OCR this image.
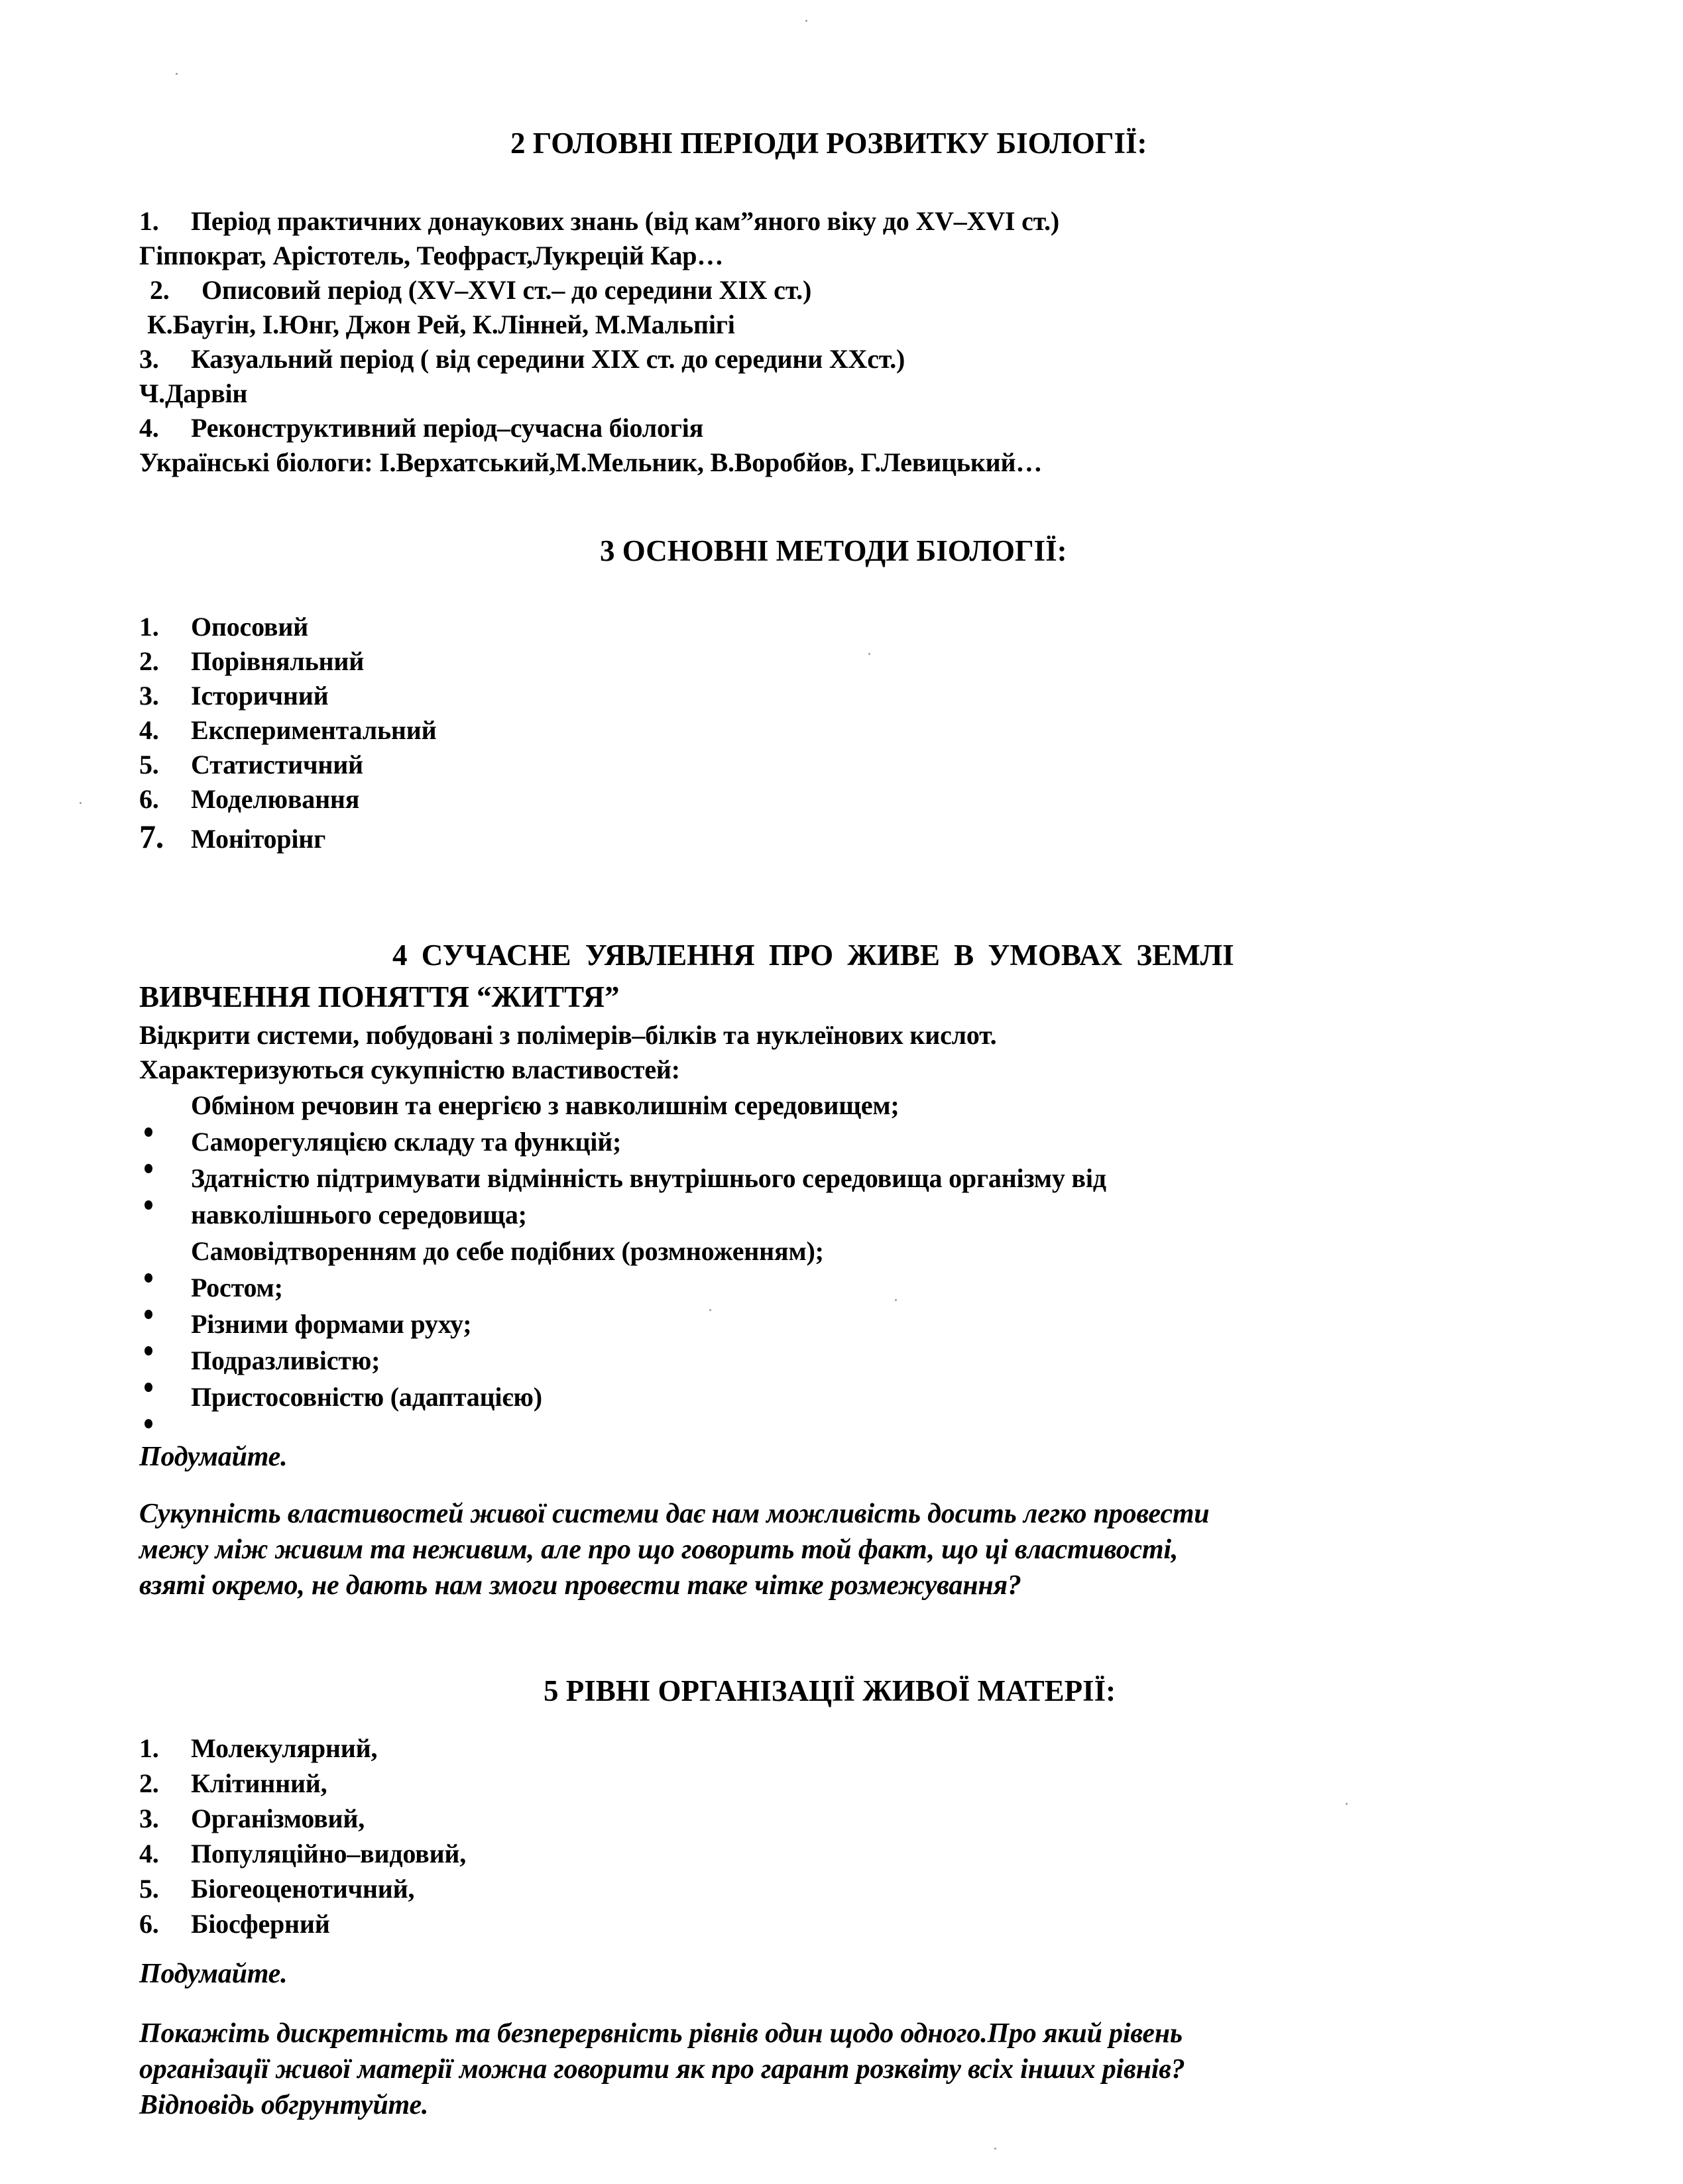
2 ГОЛОВНІ ПЕРІОДИ РОЗВИТКУ БІОЛОГІЇ:
1. Період практичних донаукових знань (від кам”яного віку до XV–XVI ст.)
Гіппократ, Арістотель, Теофраст,Лукрецій Кар…
2. Описовий період (XV–XVI ст.– до середини XIX ст.)
К.Баугін, І.Юнг, Джон Рей, К.Лінней, М.Мальпігі
3. Казуальний період ( від середини XIX ст. до середини XXст.)
Ч.Дарвін
4. Реконструктивний період–сучасна біологія
Українські біологи: І.Верхатський,М.Мельник, В.Воробйов, Г.Левицький…
3 ОСНОВНІ МЕТОДИ БІОЛОГІЇ:
1. Опосовий
2. Порівняльний
3. Історичний
4. Експериментальний
5. Статистичний
6. Моделювання
7. Моніторінг
4 СУЧАСНЕ УЯВЛЕННЯ ПРО ЖИВЕ В УМОВАХ ЗЕМЛІ
ВИВЧЕННЯ ПОНЯТТЯ “ЖИТТЯ”
Відкрити системи, побудовані з полімерів–білків та нуклеїнових кислот.
Характеризуються сукупністю властивостей:
Обміном речовин та енергією з навколишнім середовищем;
Саморегуляцією складу та функцій;
Здатністю підтримувати відмінність внутрішнього середовища організму від
навколішнього середовища;
Самовідтворенням до себе подібних (розмноженням);
Ростом;
Різними формами руху;
Подразливістю;
Пристосовністю (адаптацією)
Подумайте.
Сукупність властивостей живої системи дає нам можливість досить легко провести
межу між живим та неживим, але про що говорить той факт, що ці властивості,
взяті окремо, не дають нам змоги провести таке чітке розмежування?
5 РІВНІ ОРГАНІЗАЦІЇ ЖИВОЇ МАТЕРІЇ:
1. Молекулярний,
2. Клітинний,
3. Організмовий,
4. Популяційно–видовий,
5. Біогеоценотичний,
6. Біосферний
Подумайте.
Покажіть дискретність та безперервність рівнів один щодо одного.Про який рівень
організації живої матерії можна говорити як про гарант розквіту всіх інших рівнів?
Відповідь обгрунтуйте.
